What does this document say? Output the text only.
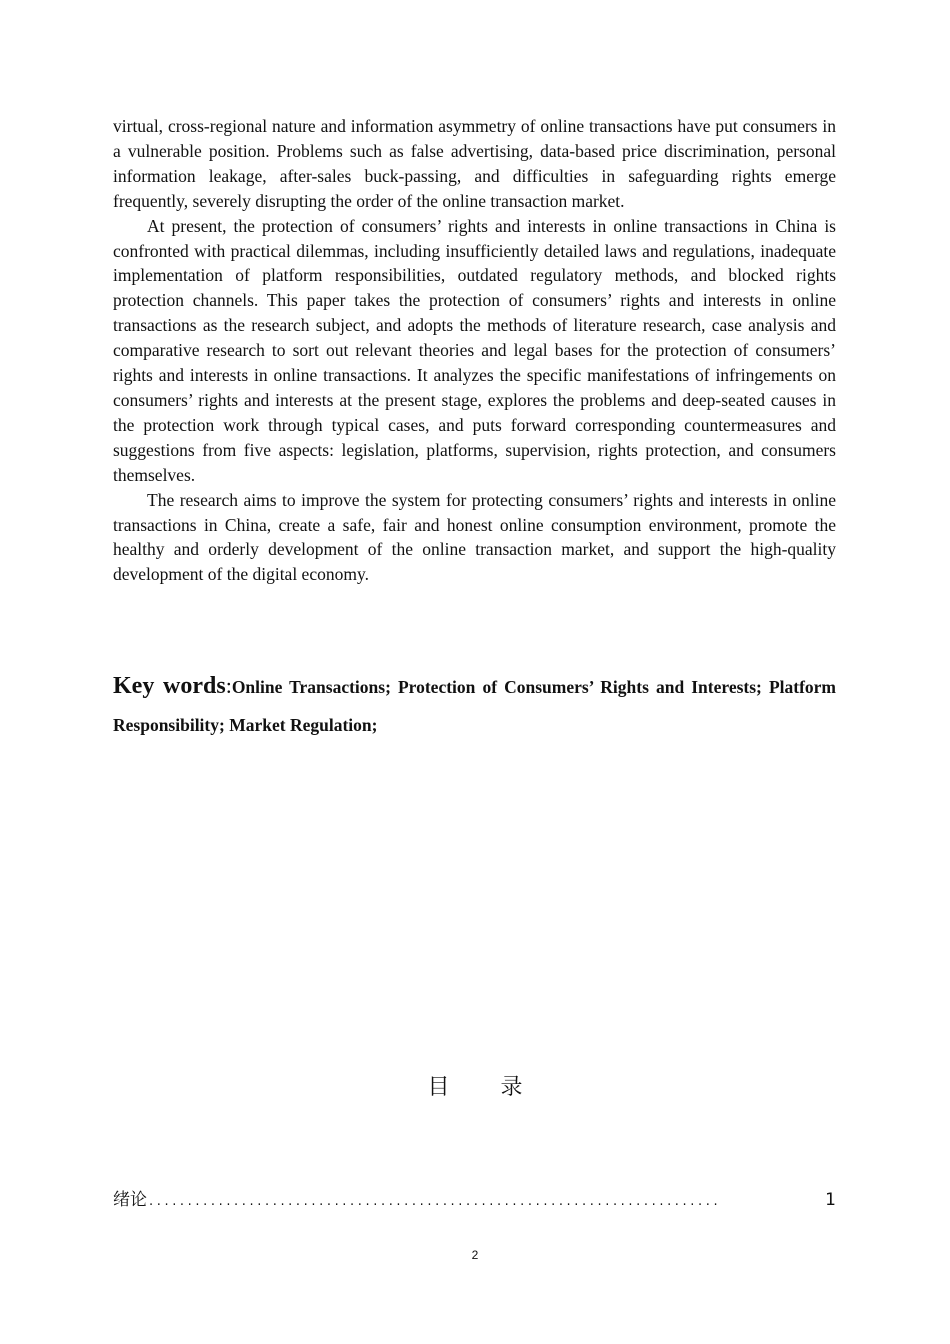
virtual, cross-regional nature and information asymmetry of online transactions have put consumers in a vulnerable position. Problems such as false advertising, data-based price discrimination, personal information leakage, after-sales buck-passing, and difficulties in safeguarding rights emerge frequently, severely disrupting the order of the online transaction market.

At present, the protection of consumers’ rights and interests in online transactions in China is confronted with practical dilemmas, including insufficiently detailed laws and regulations, inadequate implementation of platform responsibilities, outdated regulatory methods, and blocked rights protection channels. This paper takes the protection of consumers’ rights and interests in online transactions as the research subject, and adopts the methods of literature research, case analysis and comparative research to sort out relevant theories and legal bases for the protection of consumers’ rights and interests in online transactions. It analyzes the specific manifestations of infringements on consumers’ rights and interests at the present stage, explores the problems and deep-seated causes in the protection work through typical cases, and puts forward corresponding countermeasures and suggestions from five aspects: legislation, platforms, supervision, rights protection, and consumers themselves.

The research aims to improve the system for protecting consumers’ rights and interests in online transactions in China, create a safe, fair and honest online consumption environment, promote the healthy and orderly development of the online transaction market, and support the high-quality development of the digital economy.

Key words:Online Transactions; Protection of Consumers’ Rights and Interests; Platform Responsibility; Market Regulation;
目 录
绪论 ..........................................................................	1
2
